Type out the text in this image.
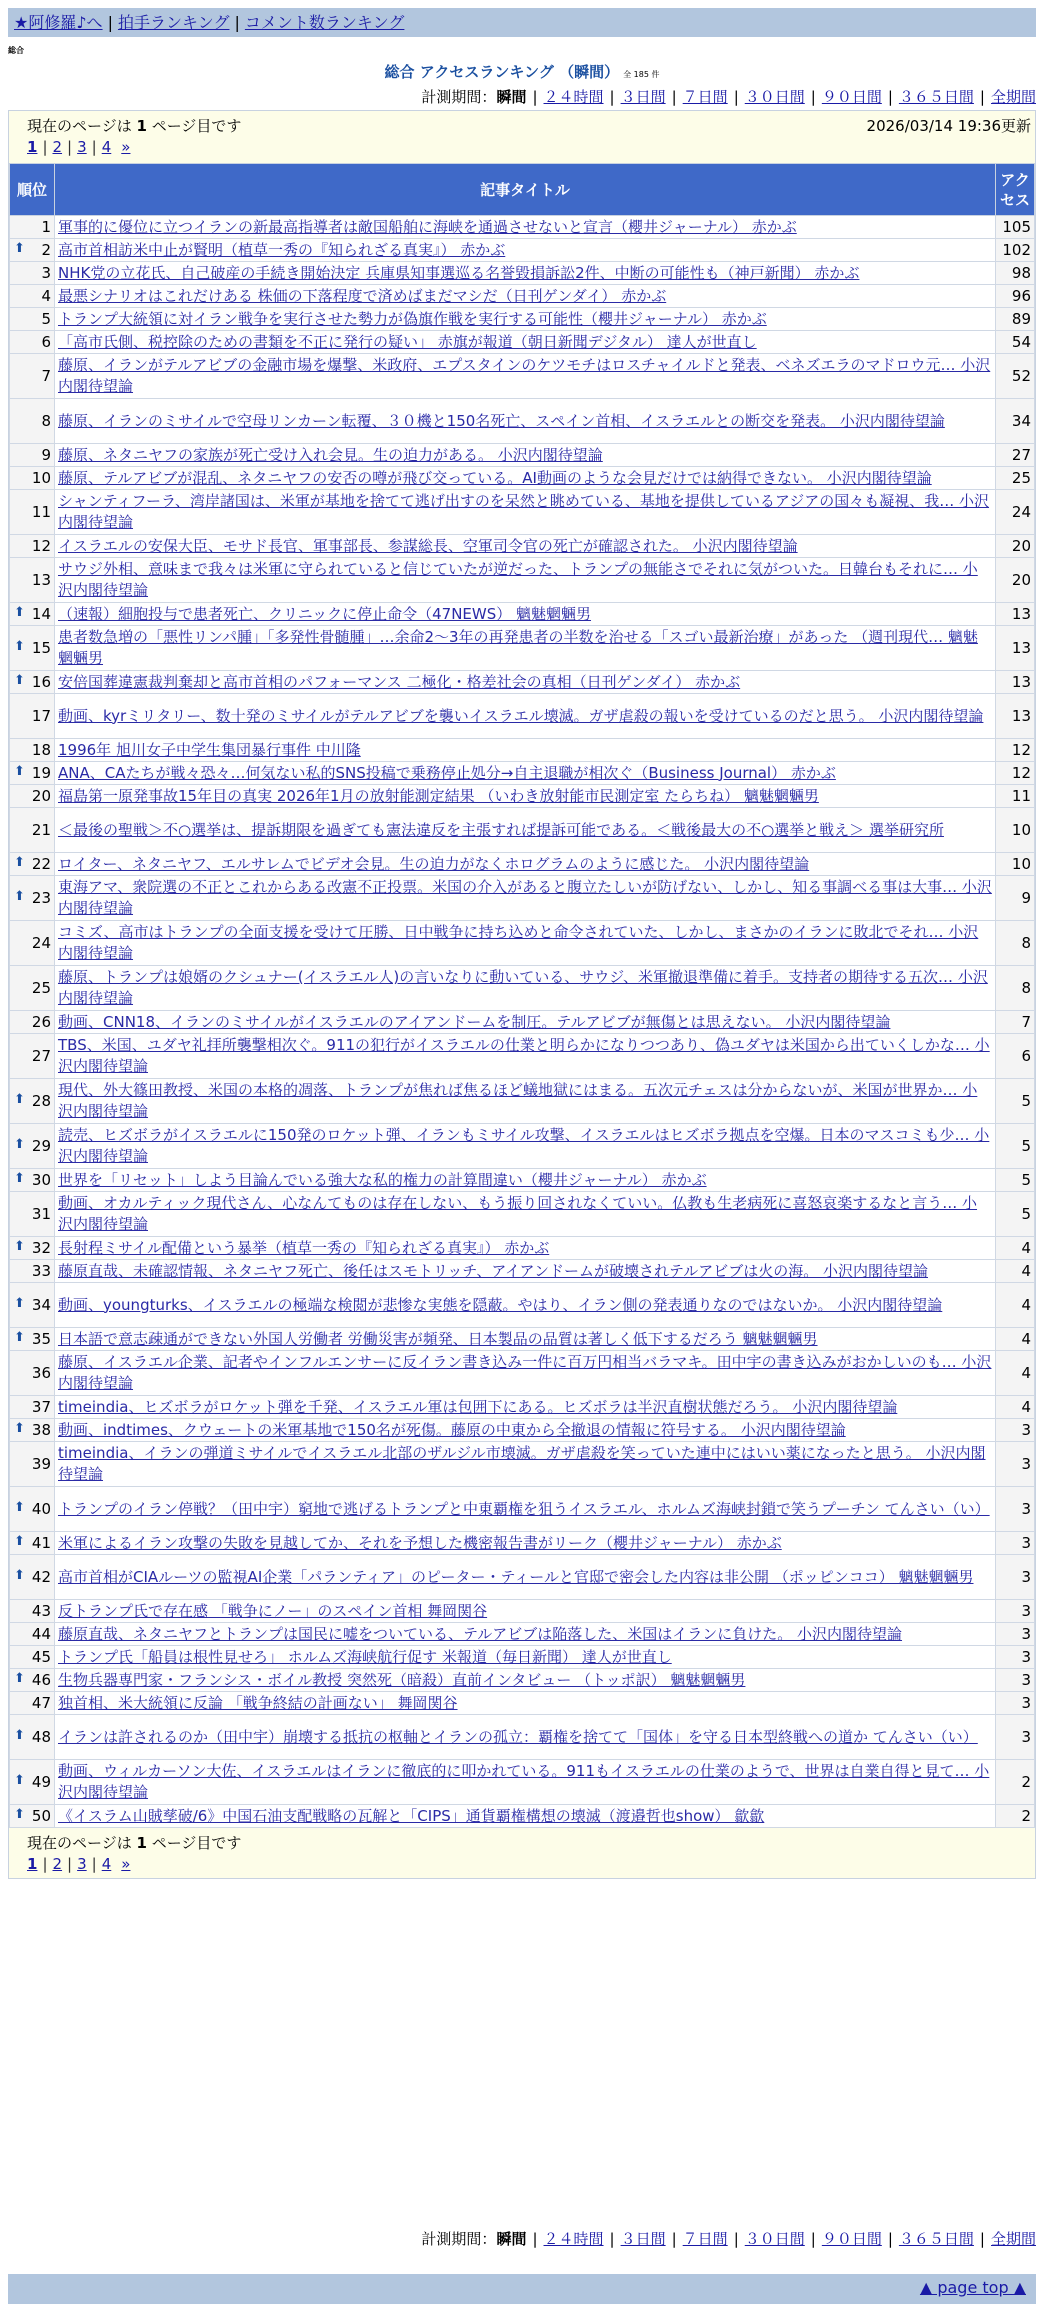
★阿修羅♪へ | 拍手ランキング | コメント数ランキング
総合
総合 アクセスランキング （瞬間） 全 185 件
計測期間：瞬間 | ２４時間 | ３日間 | ７日間 | ３０日間 | ９０日間 | ３６５日間 | 全期間
現在のページは 1 ページ目です	2026/03/14 19:36更新
1 | 2 | 3 | 4 »
順位	記事タイトル	アクセス
1	軍事的に優位に立つイランの新最高指導者は敵国船舶に海峡を通過させないと宣言（櫻井ジャーナル） 赤かぶ	105

⬆ 2	高市首相訪米中止が賢明（植草一秀の『知られざる真実』） 赤かぶ	102
3	NHK党の立花氏、自己破産の手続き開始決定 兵庫県知事選巡る名誉毀損訴訟2件、中断の可能性も（神戸新聞） 赤かぶ	98
4	最悪シナリオはこれだけある 株価の下落程度で済めばまだマシだ（日刊ゲンダイ） 赤かぶ	96
5	トランプ大統領に対イラン戦争を実行させた勢力が偽旗作戦を実行する可能性（櫻井ジャーナル） 赤かぶ	89
6	「高市氏側、税控除のための書類を不正に発行の疑い」 赤旗が報道（朝日新聞デジタル） 達人が世直し	54
7	藤原、イランがテルアビブの金融市場を爆撃、米政府、エプスタインのケツモチはロスチャイルドと発表、ベネズエラのマドロウ元… 小沢内閣待望論	52
8	藤原、イランのミサイルで空母リンカーン転覆、３０機と150名死亡、スペイン首相、イスラエルとの断交を発表。 小沢内閣待望論	34
9	藤原、ネタニヤフの家族が死亡受け入れ会見。生の迫力がある。 小沢内閣待望論	27
10	藤原、テルアビブが混乱、ネタニヤフの安否の噂が飛び交っている。AI動画のような会見だけでは納得できない。 小沢内閣待望論	25
11	シャンティフーラ、湾岸諸国は、米軍が基地を捨てて逃げ出すのを呆然と眺めている、基地を提供しているアジアの国々も凝視、我… 小沢内閣待望論	24
12	イスラエルの安保大臣、モサド長官、軍事部長、参謀総長、空軍司令官の死亡が確認された。 小沢内閣待望論	20
13	サウジ外相、意味まで我々は米軍に守られていると信じていたが逆だった、トランプの無能さでそれに気がついた。日韓台もそれに… 小沢内閣待望論	20

⬆ 14	（速報）細胞投与で患者死亡、クリニックに停止命令（47NEWS） 魑魅魍魎男	13

⬆ 15	患者数急増の「悪性リンパ腫」「多発性骨髄腫」…余命2～3年の再発患者の半数を治せる「スゴい最新治療」があった （週刊現代… 魑魅魍魎男	13

⬆ 16	安倍国葬違憲裁判棄却と高市首相のパフォーマンス 二極化・格差社会の真相（日刊ゲンダイ） 赤かぶ	13
17	動画、kyrミリタリー、数十発のミサイルがテルアビブを襲いイスラエル壊滅。ガザ虐殺の報いを受けているのだと思う。 小沢内閣待望論	13
18	1996年 旭川女子中学生集団暴行事件 中川隆	12

⬆ 19	ANA、CAたちが戦々恐々…何気ない私的SNS投稿で乗務停止処分→自主退職が相次ぐ（Business Journal） 赤かぶ	12
20	福島第一原発事故15年目の真実 2026年1月の放射能測定結果 （いわき放射能市民測定室 たらちね） 魑魅魍魎男	11
21	＜最後の聖戦＞不○選挙は、提訴期限を過ぎても憲法違反を主張すれば提訴可能である。＜戦後最大の不○選挙と戦え＞ 選挙研究所	10

⬆ 22	ロイター、ネタニヤフ、エルサレムでビデオ会見。生の迫力がなくホログラムのように感じた。 小沢内閣待望論	10

⬆ 23	東海アマ、衆院選の不正とこれからある改憲不正投票。米国の介入があると腹立たしいが防げない、しかし、知る事調べる事は大事… 小沢内閣待望論	9
24	コミズ、高市はトランプの全面支援を受けて圧勝、日中戦争に持ち込めと命令されていた、しかし、まさかのイランに敗北でそれ… 小沢内閣待望論	8
25	藤原、トランプは娘婿のクシュナー(イスラエル人)の言いなりに動いている、サウジ、米軍撤退準備に着手。支持者の期待する五次… 小沢内閣待望論	8
26	動画、CNN18、イランのミサイルがイスラエルのアイアンドームを制圧。テルアビブが無傷とは思えない。 小沢内閣待望論	7
27	TBS、米国、ユダヤ礼拝所襲撃相次ぐ。911の犯行がイスラエルの仕業と明らかになりつつあり、偽ユダヤは米国から出ていくしかな… 小沢内閣待望論	6

⬆ 28	現代、外大篠田教授、米国の本格的凋落、トランプが焦れば焦るほど蟻地獄にはまる。五次元チェスは分からないが、米国が世界か… 小沢内閣待望論	5

⬆ 29	読売、ヒズボラがイスラエルに150発のロケット弾、イランもミサイル攻撃、イスラエルはヒズボラ拠点を空爆。日本のマスコミも少… 小沢内閣待望論	5

⬆ 30	世界を「リセット」しよう目論んでいる強大な私的権力の計算間違い（櫻井ジャーナル） 赤かぶ	5
31	動画、オカルティック現代さん、心なんてものは存在しない、もう振り回されなくていい。仏教も生老病死に喜怒哀楽するなと言う… 小沢内閣待望論	5

⬆ 32	長射程ミサイル配備という暴挙（植草一秀の『知られざる真実』） 赤かぶ	4
33	藤原直哉、未確認情報、ネタニヤフ死亡、後任はスモトリッチ、アイアンドームが破壊されテルアビブは火の海。 小沢内閣待望論	4

⬆ 34	動画、youngturks、イスラエルの極端な検閲が悲惨な実態を隠蔽。やはり、イラン側の発表通りなのではないか。 小沢内閣待望論	4

⬆ 35	日本語で意志疎通ができない外国人労働者 労働災害が頻発、日本製品の品質は著しく低下するだろう 魑魅魍魎男	4
36	藤原、イスラエル企業、記者やインフルエンサーに反イラン書き込み一件に百万円相当バラマキ。田中宇の書き込みがおかしいのも… 小沢内閣待望論	4
37	timeindia、ヒズボラがロケット弾を千発、イスラエル軍は包囲下にある。ヒズボラは半沢直樹状態だろう。 小沢内閣待望論	4

⬆ 38	動画、indtimes、クウェートの米軍基地で150名が死傷。藤原の中東から全撤退の情報に符号する。 小沢内閣待望論	3
39	timeindia、イランの弾道ミサイルでイスラエル北部のザルジル市壊滅。ガザ虐殺を笑っていた連中にはいい薬になったと思う。 小沢内閣待望論	3

⬆ 40	トランプのイラン停戦？（田中宇）窮地で逃げるトランプと中東覇権を狙うイスラエル、ホルムズ海峡封鎖で笑うプーチン てんさい（い）	3

⬆ 41	米軍によるイラン攻撃の失敗を見越してか、それを予想した機密報告書がリーク（櫻井ジャーナル） 赤かぶ	3

⬆ 42	高市首相がCIAルーツの監視AI企業「パランティア」のピーター・ティールと官邸で密会した内容は非公開 （ポッピンココ） 魑魅魍魎男	3
43	反トランプ氏で存在感 「戦争にノー」のスペイン首相 舞岡関谷	3
44	藤原直哉、ネタニヤフとトランプは国民に嘘をついている、テルアビブは陥落した、米国はイランに負けた。 小沢内閣待望論	3
45	トランプ氏「船員は根性見せろ」 ホルムズ海峡航行促す 米報道（毎日新聞） 達人が世直し	3

⬆ 46	生物兵器専門家・フランシス・ボイル教授 突然死（暗殺）直前インタビュー （トッポ訳） 魑魅魍魎男	3
47	独首相、米大統領に反論 「戦争終結の計画ない」 舞岡関谷	3

⬆ 48	イランは許されるのか（田中宇）崩壊する抵抗の枢軸とイランの孤立：覇権を捨てて「国体」を守る日本型終戦への道か てんさい（い）	3

⬆ 49	動画、ウィルカーソン大佐、イスラエルはイランに徹底的に叩かれている。911もイスラエルの仕業のようで、世界は自業自得と見て… 小沢内閣待望論	2

⬆ 50	《イスラム山賊孳破/6》中国石油支配戦略の瓦解と「CIPS」通貨覇権構想の壊滅（渡邉哲也show） 歙歙	2
現在のページは 1 ページ目です
1 | 2 | 3 | 4 »
計測期間：瞬間 | ２４時間 | ３日間 | ７日間 | ３０日間 | ９０日間 | ３６５日間 | 全期間
▲ page top ▲
